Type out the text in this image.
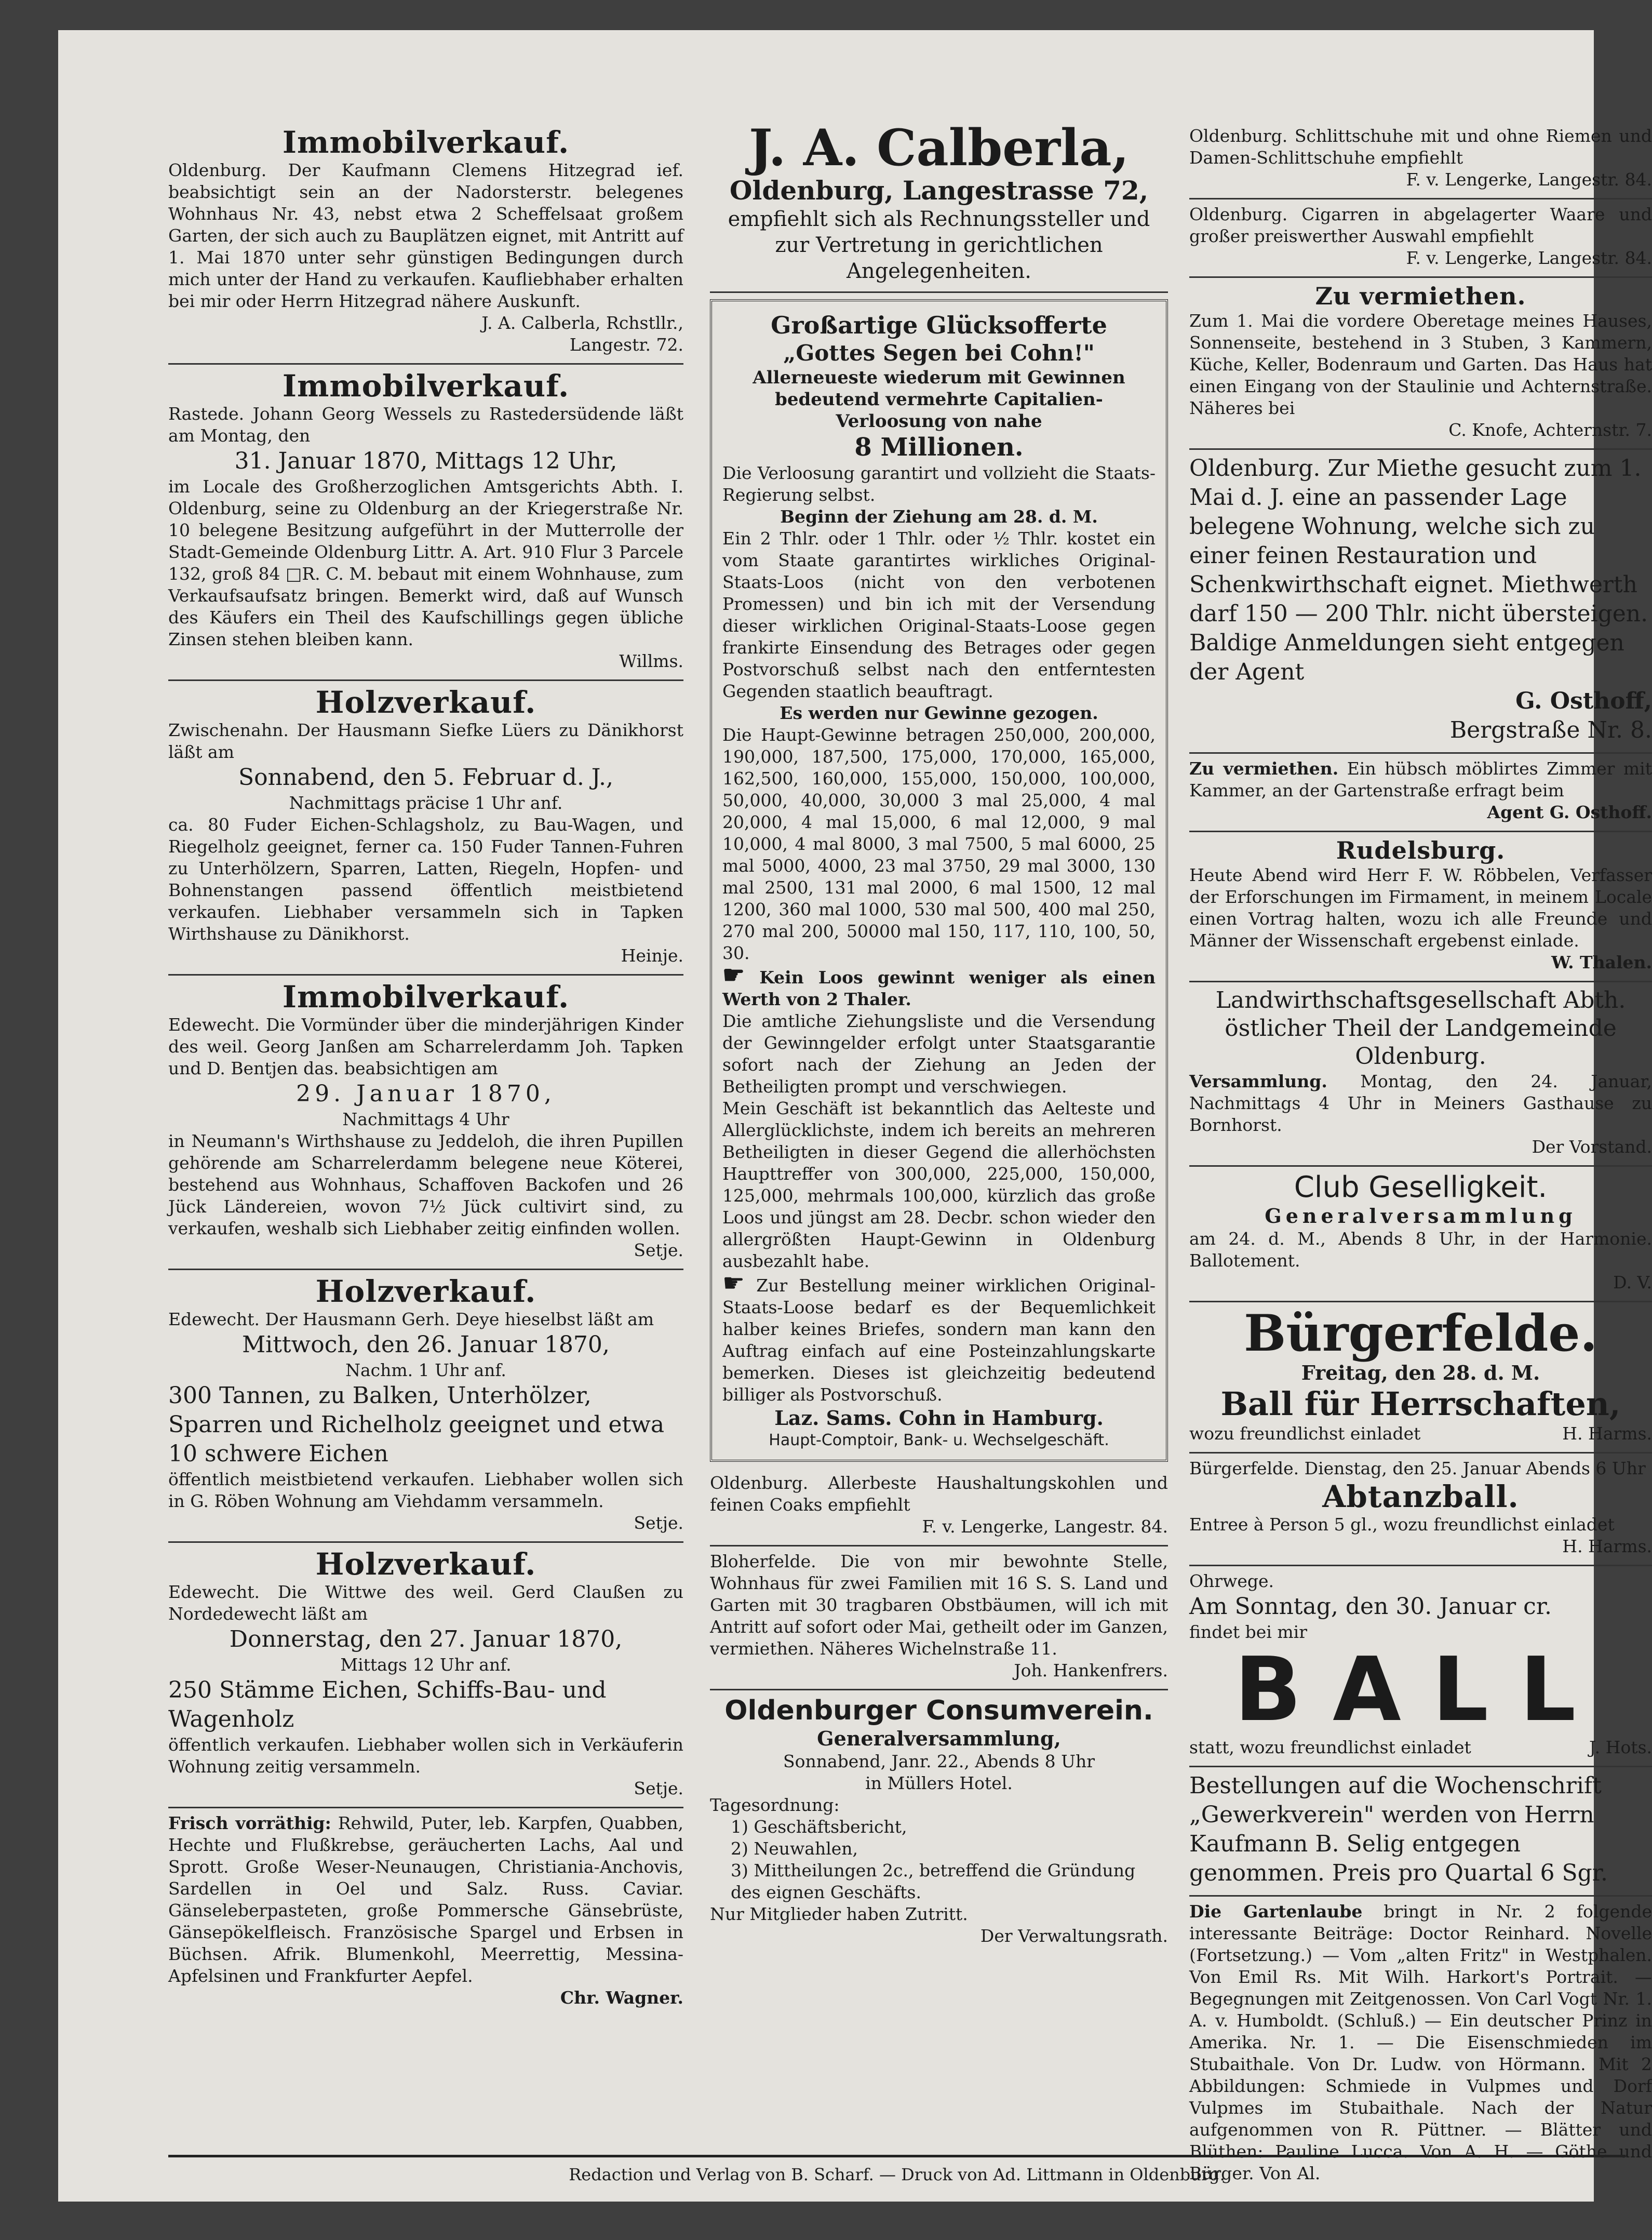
Immobilverkauf.
Oldenburg. Der Kaufmann Clemens Hitzegrad ief. beabsichtigt sein an der Nadorsterstr. belegenes Wohnhaus Nr. 43, nebst etwa 2 Scheffelsaat großem Garten, der sich auch zu Bauplätzen eignet, mit Antritt auf 1. Mai 1870 unter sehr günstigen Bedingungen durch mich unter der Hand zu verkaufen. Kaufliebhaber erhalten bei mir oder Herrn Hitzegrad nähere Auskunft.
J. A. Calberla, Rchstllr.,
Langestr. 72.
Immobilverkauf.
Rastede. Johann Georg Wessels zu Rastedersüdende läßt am Montag, den
31. Januar 1870, Mittags 12 Uhr,
im Locale des Großherzoglichen Amtsgerichts Abth. I. Oldenburg, seine zu Oldenburg an der Kriegerstraße Nr. 10 belegene Besitzung aufgeführt in der Mutterrolle der Stadt-Gemeinde Oldenburg Littr. A. Art. 910 Flur 3 Parcele 132, groß 84 □R. C. M. bebaut mit einem Wohnhause, zum Verkaufsaufsatz bringen. Bemerkt wird, daß auf Wunsch des Käufers ein Theil des Kaufschillings gegen übliche Zinsen stehen bleiben kann.
Willms.
Holzverkauf.
Zwischenahn. Der Hausmann Siefke Lüers zu Dänikhorst läßt am
Sonnabend, den 5. Februar d. J.,
Nachmittags präcise 1 Uhr anf.
ca. 80 Fuder Eichen-Schlagsholz, zu Bau-Wagen, und Riegelholz geeignet, ferner ca. 150 Fuder Tannen-Fuhren zu Unterhölzern, Sparren, Latten, Riegeln, Hopfen- und Bohnenstangen passend öffentlich meistbietend verkaufen. Liebhaber versammeln sich in Tapken Wirthshause zu Dänikhorst.
Heinje.
Immobilverkauf.
Edewecht. Die Vormünder über die minderjährigen Kinder des weil. Georg Janßen am Scharrelerdamm Joh. Tapken und D. Bentjen das. beabsichtigen am
29. Januar 1870,
Nachmittags 4 Uhr
in Neumann's Wirthshause zu Jeddeloh, die ihren Pupillen gehörende am Scharrelerdamm belegene neue Köterei, bestehend aus Wohnhaus, Schaffoven Backofen und 26 Jück Ländereien, wovon 7½ Jück cultivirt sind, zu verkaufen, weshalb sich Liebhaber zeitig einfinden wollen.
Setje.
Holzverkauf.
Edewecht. Der Hausmann Gerh. Deye hieselbst läßt am
Mittwoch, den 26. Januar 1870,
Nachm. 1 Uhr anf.
300 Tannen, zu Balken, Unterhölzer, Sparren und Richelholz geeignet und etwa 10 schwere Eichen
öffentlich meistbietend verkaufen. Liebhaber wollen sich in G. Röben Wohnung am Viehdamm versammeln.
Setje.
Holzverkauf.
Edewecht. Die Wittwe des weil. Gerd Claußen zu Nordedewecht läßt am
Donnerstag, den 27. Januar 1870,
Mittags 12 Uhr anf.
250 Stämme Eichen, Schiffs-Bau- und Wagenholz
öffentlich verkaufen. Liebhaber wollen sich in Verkäuferin Wohnung zeitig versammeln.
Setje.
Frisch vorräthig: Rehwild, Puter, leb. Karpfen, Quabben, Hechte und Flußkrebse, geräucherten Lachs, Aal und Sprott. Große Weser-Neunaugen, Christiania-Anchovis, Sardellen in Oel und Salz. Russ. Caviar. Gänseleberpasteten, große Pommersche Gänsebrüste, Gänsepökelfleisch. Französische Spargel und Erbsen in Büchsen. Afrik. Blumenkohl, Meerrettig, Messina-Apfelsinen und Frankfurter Aepfel.
Chr. Wagner.
J. A. Calberla,
Oldenburg, Langestrasse 72,
empfiehlt sich als Rechnungssteller und zur Vertretung in gerichtlichen Angelegenheiten.
Großartige Glücksofferte
„Gottes Segen bei Cohn!"
Allerneueste wiederum mit Gewinnen bedeutend vermehrte Capitalien-Verloosung von nahe
8 Millionen.
Die Verloosung garantirt und vollzieht die Staats-Regierung selbst.
Beginn der Ziehung am 28. d. M.
Ein 2 Thlr. oder 1 Thlr. oder ½ Thlr. kostet ein vom Staate garantirtes wirkliches Original-Staats-Loos (nicht von den verbotenen Promessen) und bin ich mit der Versendung dieser wirklichen Original-Staats-Loose gegen frankirte Einsendung des Betrages oder gegen Postvorschuß selbst nach den entferntesten Gegenden staatlich beauftragt.
Es werden nur Gewinne gezogen.
Die Haupt-Gewinne betragen 250,000, 200,000, 190,000, 187,500, 175,000, 170,000, 165,000, 162,500, 160,000, 155,000, 150,000, 100,000, 50,000, 40,000, 30,000 3 mal 25,000, 4 mal 20,000, 4 mal 15,000, 6 mal 12,000, 9 mal 10,000, 4 mal 8000, 3 mal 7500, 5 mal 6000, 25 mal 5000, 4000, 23 mal 3750, 29 mal 3000, 130 mal 2500, 131 mal 2000, 6 mal 1500, 12 mal 1200, 360 mal 1000, 530 mal 500, 400 mal 250, 270 mal 200, 50000 mal 150, 117, 110, 100, 50, 30.
☛ Kein Loos gewinnt weniger als einen Werth von 2 Thaler.
Die amtliche Ziehungsliste und die Versendung der Gewinngelder erfolgt unter Staatsgarantie sofort nach der Ziehung an Jeden der Betheiligten prompt und verschwiegen.
Mein Geschäft ist bekanntlich das Aelteste und Allerglücklichste, indem ich bereits an mehreren Betheiligten in dieser Gegend die allerhöchsten Haupttreffer von 300,000, 225,000, 150,000, 125,000, mehrmals 100,000, kürzlich das große Loos und jüngst am 28. Decbr. schon wieder den allergrößten Haupt-Gewinn in Oldenburg ausbezahlt habe.
☛ Zur Bestellung meiner wirklichen Original-Staats-Loose bedarf es der Bequemlichkeit halber keines Briefes, sondern man kann den Auftrag einfach auf eine Posteinzahlungskarte bemerken. Dieses ist gleichzeitig bedeutend billiger als Postvorschuß.
Laz. Sams. Cohn in Hamburg.
Haupt-Comptoir, Bank- u. Wechselgeschäft.
Oldenburg. Allerbeste Haushaltungskohlen und feinen Coaks empfiehlt
F. v. Lengerke, Langestr. 84.
Bloherfelde. Die von mir bewohnte Stelle, Wohnhaus für zwei Familien mit 16 S. S. Land und Garten mit 30 tragbaren Obstbäumen, will ich mit Antritt auf sofort oder Mai, getheilt oder im Ganzen, vermiethen. Näheres Wichelnstraße 11.
Joh. Hankenfrers.
Oldenburger Consumverein.
Generalversammlung,
Sonnabend, Janr. 22., Abends 8 Uhr
in Müllers Hotel.
Tagesordnung:
1) Geschäftsbericht,
2) Neuwahlen,
3) Mittheilungen 2c., betreffend die Gründung des eignen Geschäfts.
Nur Mitglieder haben Zutritt.
Der Verwaltungsrath.
Oldenburg. Schlittschuhe mit und ohne Riemen und Damen-Schlittschuhe empfiehlt
F. v. Lengerke, Langestr. 84.
Oldenburg. Cigarren in abgelagerter Waare und großer preiswerther Auswahl empfiehlt
F. v. Lengerke, Langestr. 84.
Zu vermiethen.
Zum 1. Mai die vordere Oberetage meines Hauses, Sonnenseite, bestehend in 3 Stuben, 3 Kammern, Küche, Keller, Bodenraum und Garten. Das Haus hat einen Eingang von der Staulinie und Achternstraße. Näheres bei
C. Knofe, Achternstr. 7.
Oldenburg. Zur Miethe gesucht zum 1. Mai d. J. eine an passender Lage belegene Wohnung, welche sich zu einer feinen Restauration und Schenkwirthschaft eignet. Miethwerth darf 150 — 200 Thlr. nicht übersteigen. Baldige Anmeldungen sieht entgegen der Agent
G. Osthoff,
Bergstraße Nr. 8.
Zu vermiethen. Ein hübsch möblirtes Zimmer mit Kammer, an der Gartenstraße erfragt beim
Agent G. Osthoff.
Rudelsburg.
Heute Abend wird Herr F. W. Röbbelen, Verfasser der Erforschungen im Firmament, in meinem Locale einen Vortrag halten, wozu ich alle Freunde und Männer der Wissenschaft ergebenst einlade.
W. Thalen.
Landwirthschaftsgesellschaft Abth. östlicher Theil der Landgemeinde Oldenburg.
Versammlung. Montag, den 24. Januar, Nachmittags 4 Uhr in Meiners Gasthause zu Bornhorst.
Der Vorstand.
Club Geselligkeit.
Generalversammlung
am 24. d. M., Abends 8 Uhr, in der Harmonie. Ballotement.
D. V.
Bürgerfelde.
Freitag, den 28. d. M.
Ball für Herrschaften,
wozu freundlichst einladet	H. Harms.
Bürgerfelde. Dienstag, den 25. Januar Abends 6 Uhr
Abtanzball.
Entree à Person 5 gl., wozu freundlichst einladet
H. Harms.
Ohrwege.
Am Sonntag, den 30. Januar cr.
findet bei mir
BALL
statt, wozu freundlichst einladet	J. Hots.
Bestellungen auf die Wochenschrift „Gewerkverein" werden von Herrn Kaufmann B. Selig entgegen genommen. Preis pro Quartal 6 Sgr.
Die Gartenlaube bringt in Nr. 2 folgende interessante Beiträge: Doctor Reinhard. Novelle (Fortsetzung.) — Vom „alten Fritz" in Westphalen. Von Emil Rs. Mit Wilh. Harkort's Portrait. — Begegnungen mit Zeitgenossen. Von Carl Vogt Nr. 1. A. v. Humboldt. (Schluß.) — Ein deutscher Prinz in Amerika. Nr. 1. — Die Eisenschmieden im Stubaithale. Von Dr. Ludw. von Hörmann. Mit 2 Abbildungen: Schmiede in Vulpmes und Dorf Vulpmes im Stubaithale. Nach der Natur aufgenommen von R. Püttner. — Blätter und Blüthen: Pauline Lucca. Von A. H. — Göthe und Bürger. Von Al.
Redaction und Verlag von B. Scharf. — Druck von Ad. Littmann in Oldenburg.
